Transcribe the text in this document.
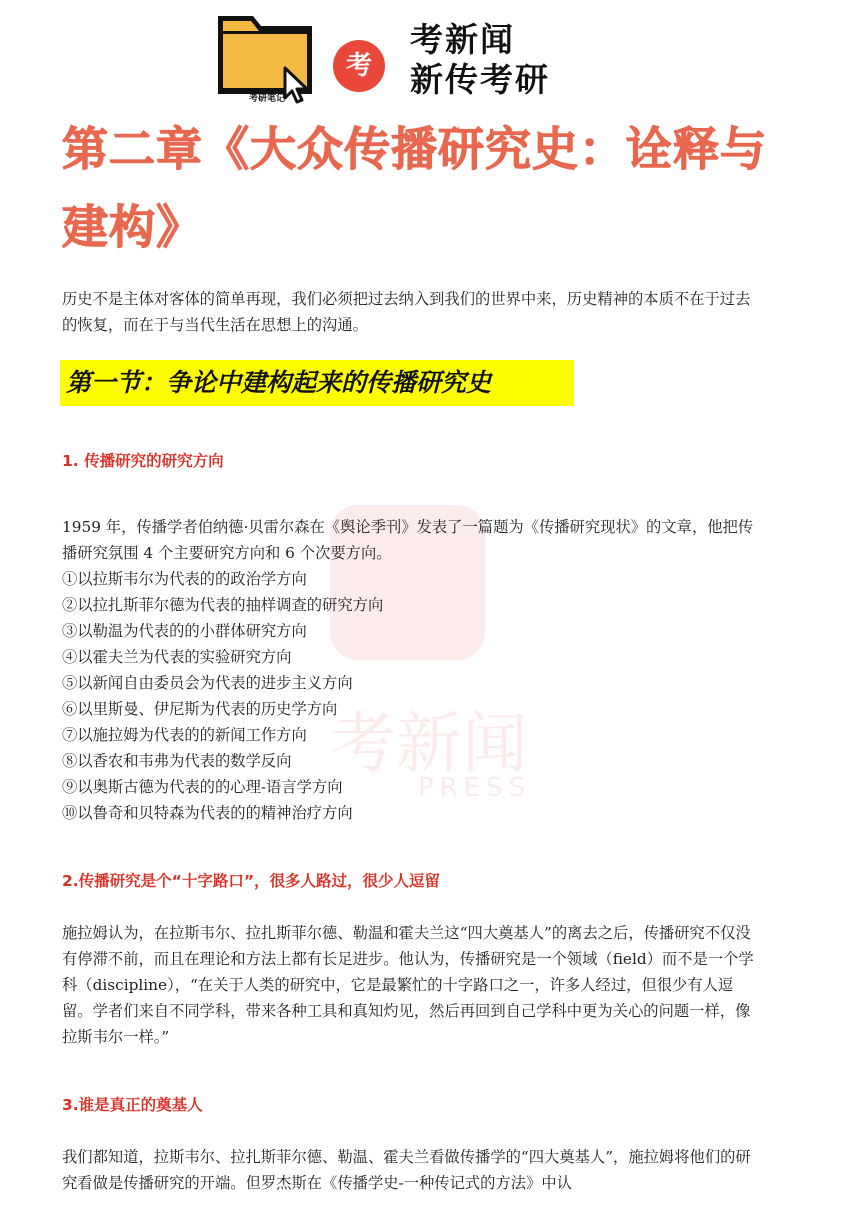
考研笔记
考
考新闻
新传考研
考新闻
PRESS
第二章《大众传播研究史：诠释与建构》
历史不是主体对客体的简单再现，我们必须把过去纳入到我们的世界中来，历史精神的本质不在于过去的恢复，而在于与当代生活在思想上的沟通。
第一节：争论中建构起来的传播研究史
1. 传播研究的研究方向
1959 年，传播学者伯纳德·贝雷尔森在《舆论季刊》发表了一篇题为《传播研究现状》的文章，他把传播研究氛围 4 个主要研究方向和 6 个次要方向。
①以拉斯韦尔为代表的的政治学方向
②以拉扎斯菲尔德为代表的抽样调查的研究方向
③以勒温为代表的的小群体研究方向
④以霍夫兰为代表的实验研究方向
⑤以新闻自由委员会为代表的进步主义方向
⑥以里斯曼、伊尼斯为代表的历史学方向
⑦以施拉姆为代表的的新闻工作方向
⑧以香农和韦弗为代表的数学反向
⑨以奥斯古德为代表的的心理-语言学方向
⑩以鲁奇和贝特森为代表的的精神治疗方向
2.传播研究是个“十字路口”，很多人路过，很少人逗留
施拉姆认为，在拉斯韦尔、拉扎斯菲尔德、勒温和霍夫兰这“四大奠基人”的离去之后，传播研究不仅没有停滞不前，而且在理论和方法上都有长足进步。他认为，传播研究是一个领域（field）而不是一个学科（discipline），“在关于人类的研究中，它是最繁忙的十字路口之一，许多人经过，但很少有人逗留。学者们来自不同学科，带来各种工具和真知灼见，然后再回到自己学科中更为关心的问题一样，像拉斯韦尔一样。”
3.谁是真正的奠基人
我们都知道，拉斯韦尔、拉扎斯菲尔德、勒温、霍夫兰看做传播学的“四大奠基人”，施拉姆将他们的研究看做是传播研究的开端。但罗杰斯在《传播学史-一种传记式的方法》中认
